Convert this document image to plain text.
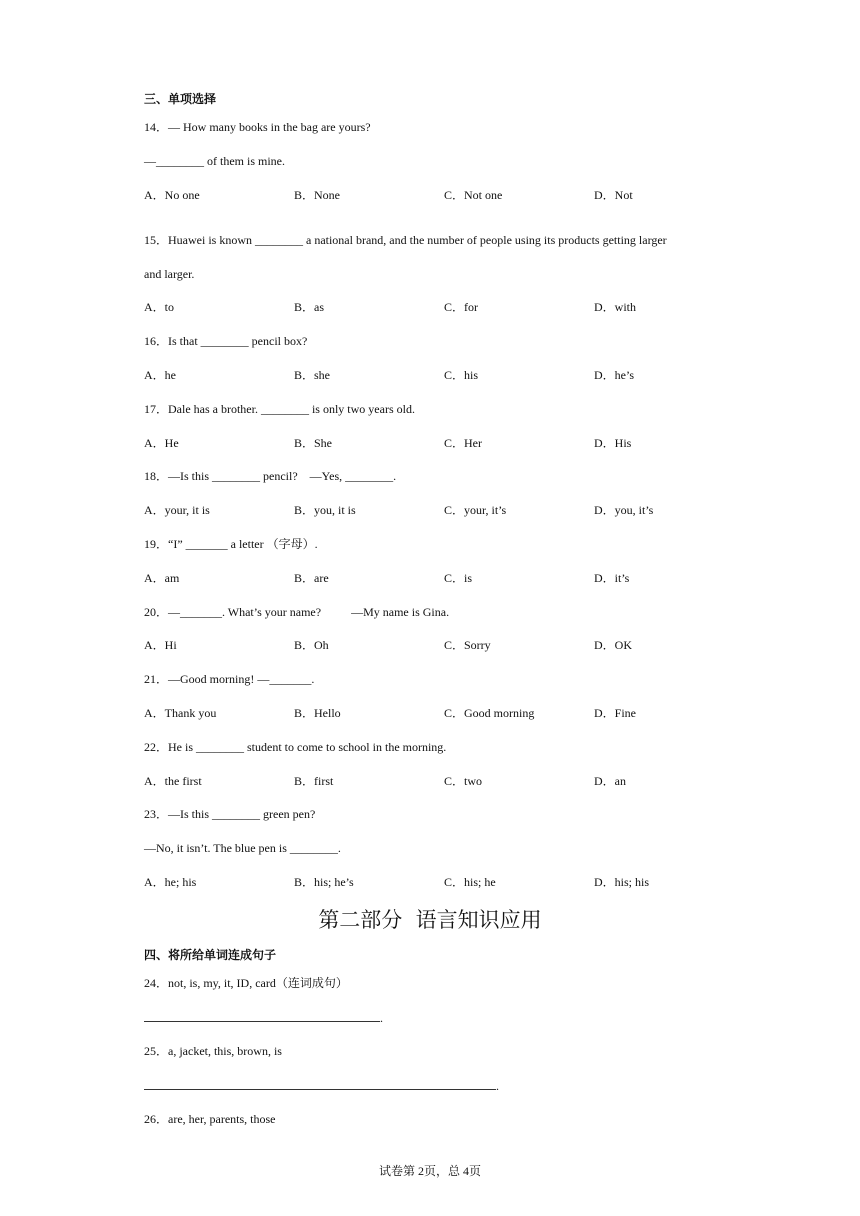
三、单项选择
14．— How many books in the bag are yours?
—________ of them is mine.
A．No one	B．None	C．Not one	D．Not
15．Huawei is known ________ a national brand, and the number of people using its products getting larger
and larger.
A．to	B．as	C．for	D．with
16．Is that ________ pencil box?
A．he	B．she	C．his	D．he’s
17．Dale has a brother. ________ is only two years old.
A．He	B．She	C．Her	D．His
18．—Is this ________ pencil?    —Yes, ________.
A．your, it is	B．you, it is	C．your, it’s	D．you, it’s
19．“I” _______ a letter （字母）.
A．am	B．are	C．is	D．it’s
20．—_______. What’s your name?          —My name is Gina.
A．Hi	B．Oh	C．Sorry	D．OK
21．—Good morning! —_______.
A．Thank you	B．Hello	C．Good morning	D．Fine
22．He is ________ student to come to school in the morning.
A．the first	B．first	C．two	D．an
23．—Is this ________ green pen?
—No, it isn’t. The blue pen is ________.
A．he; his	B．his; he’s	C．his; he	D．his; his
第二部分  语言知识应用
四、将所给单词连成句子
24．not, is, my, it, ID, card（连词成句）
.
25．a, jacket, this, brown, is
.
26．are, her, parents, those
试卷第 2页，总 4页
